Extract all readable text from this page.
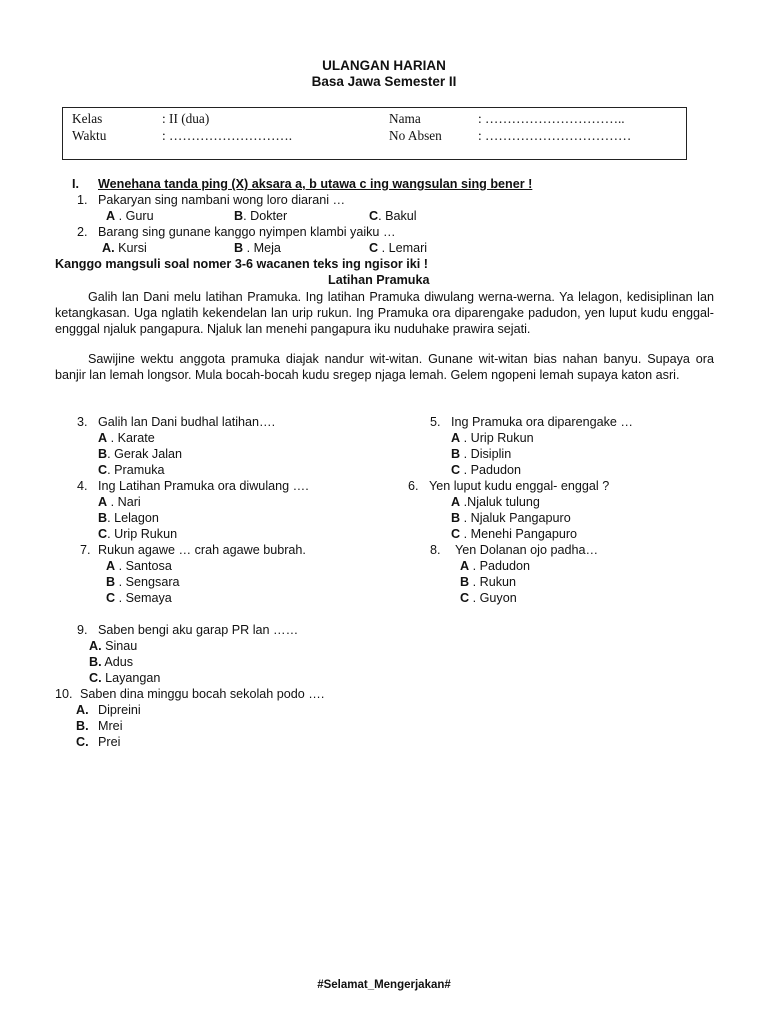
ULANGAN HARIAN
Basa Jawa Semester II
Kelas	: II (dua)
Waktu	: ……………………….
Nama	: …………………………..
No Absen	: ……………………………
I. Wenehana tanda ping (X) aksara a, b utawa c ing wangsulan sing bener !
1. Pakaryan sing nambani wong loro diarani …
A . Guru	B. Dokter	C. Bakul
2. Barang sing gunane kanggo nyimpen klambi yaiku …
A. Kursi	B . Meja	C . Lemari
Kanggo mangsuli soal nomer 3-6 wacanen teks ing ngisor iki !
Latihan Pramuka
Galih lan Dani melu latihan Pramuka. Ing latihan Pramuka diwulang werna-werna. Ya lelagon, kedisiplinan lan ketangkasan. Uga nglatih kekendelan lan urip rukun. Ing Pramuka ora diparengake padudon, yen luput kudu enggal-engggal njaluk pangapura. Njaluk lan menehi pangapura iku nuduhake prawira sejati.
Sawijine wektu anggota pramuka diajak nandur wit-witan. Gunane wit-witan bias nahan banyu. Supaya ora banjir lan lemah longsor. Mula bocah-bocah kudu sregep njaga lemah. Gelem ngopeni lemah supaya katon asri.
3. Galih lan Dani budhal latihan….
A . Karate
B. Gerak Jalan
C. Pramuka
4. Ing Latihan Pramuka ora diwulang ….
A . Nari
B. Lelagon
C. Urip Rukun
7. Rukun agawe … crah agawe bubrah.
A . Santosa
B . Sengsara
C . Semaya
5. Ing Pramuka ora diparengake …
A . Urip Rukun
B . Disiplin
C . Padudon
6. Yen luput kudu enggal- enggal ?
A .Njaluk tulung
B . Njaluk Pangapuro
C . Menehi Pangapuro
8. Yen Dolanan ojo padha…
A . Padudon
B . Rukun
C . Guyon
9. Saben bengi aku garap PR lan ……
A. Sinau
B. Adus
C. Layangan
10. Saben dina minggu bocah sekolah podo ….
A. Dipreini
B. Mrei
C. Prei
#Selamat_Mengerjakan#
